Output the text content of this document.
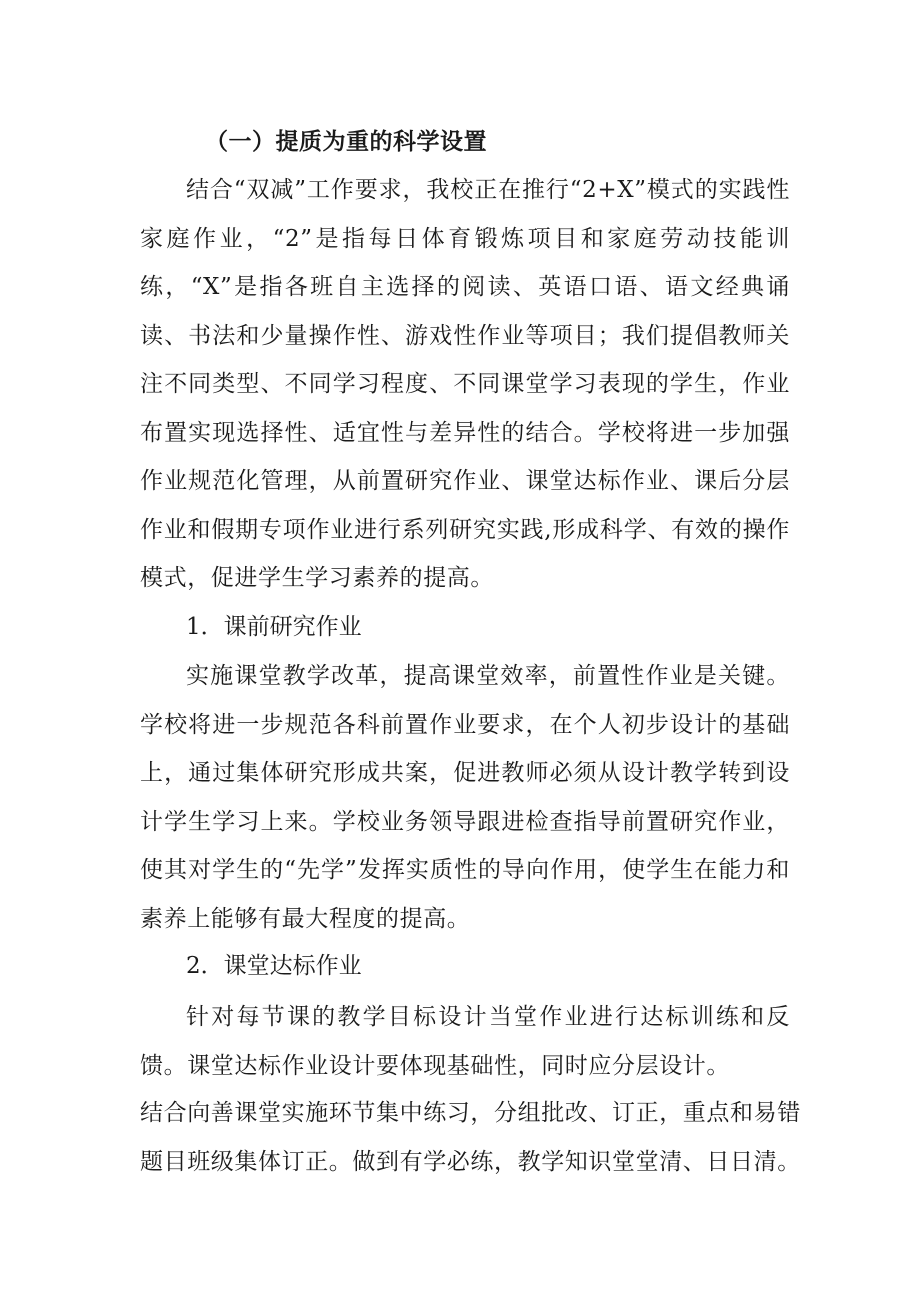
（一）提质为重的科学设置

结合“双减”工作要求，我校正在推行“2+X”模式的实践性家庭作业，“2”是指每日体育锻炼项目和家庭劳动技能训练，“X”是指各班自主选择的阅读、英语口语、语文经典诵读、书法和少量操作性、游戏性作业等项目；我们提倡教师关注不同类型、不同学习程度、不同课堂学习表现的学生，作业布置实现选择性、适宜性与差异性的结合。学校将进一步加强作业规范化管理，从前置研究作业、课堂达标作业、课后分层作业和假期专项作业进行系列研究实践,形成科学、有效的操作模式，促进学生学习素养的提高。

1．课前研究作业

实施课堂教学改革，提高课堂效率，前置性作业是关键。学校将进一步规范各科前置作业要求，在个人初步设计的基础上，通过集体研究形成共案，促进教师必须从设计教学转到设计学生学习上来。学校业务领导跟进检查指导前置研究作业，使其对学生的“先学”发挥实质性的导向作用，使学生在能力和素养上能够有最大程度的提高。

2．课堂达标作业

针对每节课的教学目标设计当堂作业进行达标训练和反馈。课堂达标作业设计要体现基础性，同时应分层设计。

结合向善课堂实施环节集中练习，分组批改、订正，重点和易错

题目班级集体订正。做到有学必练，教学知识堂堂清、日日清。
